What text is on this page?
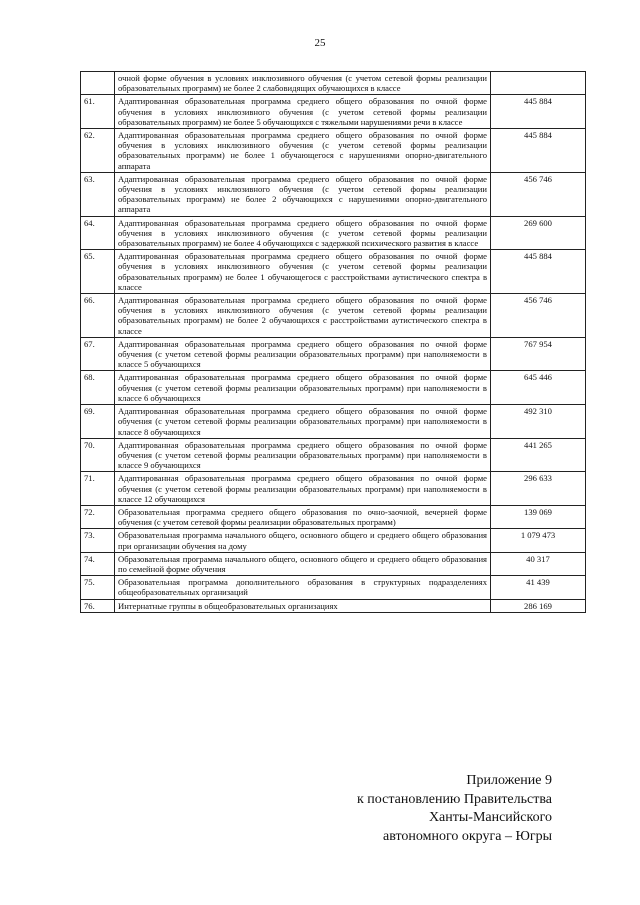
25
	очной форме обучения в условиях инклюзивного обучения (с учетом сетевой формы реализации образовательных программ) не более 2 слабовидящих обучающихся в классе	
61.	Адаптированная образовательная программа среднего общего образования по очной форме обучения в условиях инклюзивного обучения (с учетом сетевой формы реализации образовательных программ) не более 5 обучающихся с тяжелыми нарушениями речи в классе	445 884
62.	Адаптированная образовательная программа среднего общего образования по очной форме обучения в условиях инклюзивного обучения (с учетом сетевой формы реализации образовательных программ) не более 1 обучающегося с нарушениями опорно-двигательного аппарата	445 884
63.	Адаптированная образовательная программа среднего общего образования по очной форме обучения в условиях инклюзивного обучения (с учетом сетевой формы реализации образовательных программ) не более 2 обучающихся с нарушениями опорно-двигательного аппарата	456 746
64.	Адаптированная образовательная программа среднего общего образования по очной форме обучения в условиях инклюзивного обучения (с учетом сетевой формы реализации образовательных программ) не более 4 обучающихся с задержкой психического развития в классе	269 600
65.	Адаптированная образовательная программа среднего общего образования по очной форме обучения в условиях инклюзивного обучения (с учетом сетевой формы реализации образовательных программ) не более 1 обучающегося с расстройствами аутистического спектра в классе	445 884
66.	Адаптированная образовательная программа среднего общего образования по очной форме обучения в условиях инклюзивного обучения (с учетом сетевой формы реализации образовательных программ) не более 2 обучающихся с расстройствами аутистического спектра в классе	456 746
67.	Адаптированная образовательная программа среднего общего образования по очной форме обучения (с учетом сетевой формы реализации образовательных программ) при наполняемости в классе 5 обучающихся	767 954
68.	Адаптированная образовательная программа среднего общего образования по очной форме обучения (с учетом сетевой формы реализации образовательных программ) при наполняемости в классе 6 обучающихся	645 446
69.	Адаптированная образовательная программа среднего общего образования по очной форме обучения (с учетом сетевой формы реализации образовательных программ) при наполняемости в классе 8 обучающихся	492 310
70.	Адаптированная образовательная программа среднего общего образования по очной форме обучения (с учетом сетевой формы реализации образовательных программ) при наполняемости в классе 9 обучающихся	441 265
71.	Адаптированная образовательная программа среднего общего образования по очной форме обучения (с учетом сетевой формы реализации образовательных программ) при наполняемости в классе 12 обучающихся	296 633
72.	Образовательная программа среднего общего образования по очно-заочной, вечерней форме обучения (с учетом сетевой формы реализации образовательных программ)	139 069
73.	Образовательная программа начального общего, основного общего и среднего общего образования при организации обучения на дому	1 079 473
74.	Образовательная программа начального общего, основного общего и среднего общего образования по семейной форме обучения	40 317
75.	Образовательная программа дополнительного образования в структурных подразделениях общеобразовательных организаций	41 439
76.	Интернатные группы в общеобразовательных организациях	286 169
Приложение 9
к постановлению Правительства
Ханты-Мансийского
автономного округа – Югры
